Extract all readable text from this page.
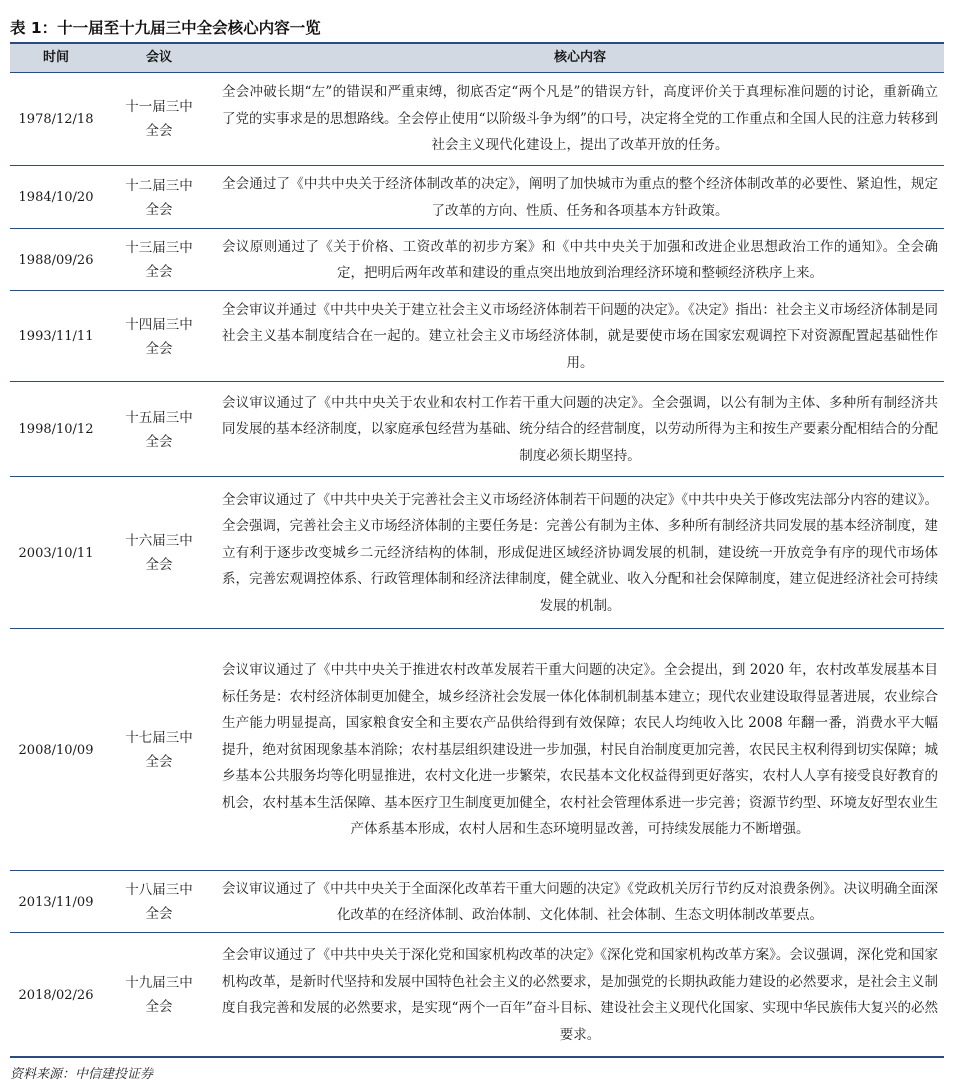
表 1：十一届至十九届三中全会核心内容一览
时间	会议	核心内容
1978/12/18
十一届三中全会
全会冲破长期“左”的错误和严重束缚，彻底否定“两个凡是”的错误方针，高度评价关于真理标准问题的讨论，重新确立了党的实事求是的思想路线。全会停止使用“以阶级斗争为纲”的口号，决定将全党的工作重点和全国人民的注意力转移到社会主义现代化建设上，提出了改革开放的任务。
1984/10/20
十二届三中全会
全会通过了《中共中央关于经济体制改革的决定》，阐明了加快城市为重点的整个经济体制改革的必要性、紧迫性，规定了改革的方向、性质、任务和各项基本方针政策。
1988/09/26
十三届三中全会
会议原则通过了《关于价格、工资改革的初步方案》和《中共中央关于加强和改进企业思想政治工作的通知》。全会确定，把明后两年改革和建设的重点突出地放到治理经济环境和整顿经济秩序上来。
1993/11/11
十四届三中全会
全会审议并通过《中共中央关于建立社会主义市场经济体制若干问题的决定》。《决定》指出：社会主义市场经济体制是同社会主义基本制度结合在一起的。建立社会主义市场经济体制，就是要使市场在国家宏观调控下对资源配置起基础性作用。
1998/10/12
十五届三中全会
会议审议通过了《中共中央关于农业和农村工作若干重大问题的决定》。全会强调，以公有制为主体、多种所有制经济共同发展的基本经济制度，以家庭承包经营为基础、统分结合的经营制度，以劳动所得为主和按生产要素分配相结合的分配制度必须长期坚持。
2003/10/11
十六届三中全会
全会审议通过了《中共中央关于完善社会主义市场经济体制若干问题的决定》《中共中央关于修改宪法部分内容的建议》。全会强调，完善社会主义市场经济体制的主要任务是：完善公有制为主体、多种所有制经济共同发展的基本经济制度，建立有利于逐步改变城乡二元经济结构的体制，形成促进区域经济协调发展的机制，建设统一开放竞争有序的现代市场体系，完善宏观调控体系、行政管理体制和经济法律制度，健全就业、收入分配和社会保障制度，建立促进经济社会可持续发展的机制。
2008/10/09
十七届三中全会
会议审议通过了《中共中央关于推进农村改革发展若干重大问题的决定》。全会提出，到 2020 年，农村改革发展基本目标任务是：农村经济体制更加健全，城乡经济社会发展一体化体制机制基本建立；现代农业建设取得显著进展，农业综合生产能力明显提高，国家粮食安全和主要农产品供给得到有效保障；农民人均纯收入比 2008 年翻一番，消费水平大幅提升，绝对贫困现象基本消除；农村基层组织建设进一步加强，村民自治制度更加完善，农民民主权利得到切实保障；城乡基本公共服务均等化明显推进，农村文化进一步繁荣，农民基本文化权益得到更好落实，农村人人享有接受良好教育的机会，农村基本生活保障、基本医疗卫生制度更加健全，农村社会管理体系进一步完善；资源节约型、环境友好型农业生产体系基本形成，农村人居和生态环境明显改善，可持续发展能力不断增强。
2013/11/09
十八届三中全会
会议审议通过了《中共中央关于全面深化改革若干重大问题的决定》《党政机关厉行节约反对浪费条例》。决议明确全面深化改革的在经济体制、政治体制、文化体制、社会体制、生态文明体制改革要点。
2018/02/26
十九届三中全会
全会审议通过了《中共中央关于深化党和国家机构改革的决定》《深化党和国家机构改革方案》。会议强调，深化党和国家机构改革，是新时代坚持和发展中国特色社会主义的必然要求，是加强党的长期执政能力建设的必然要求，是社会主义制度自我完善和发展的必然要求，是实现“两个一百年”奋斗目标、建设社会主义现代化国家、实现中华民族伟大复兴的必然要求。
资料来源：中信建投证券
